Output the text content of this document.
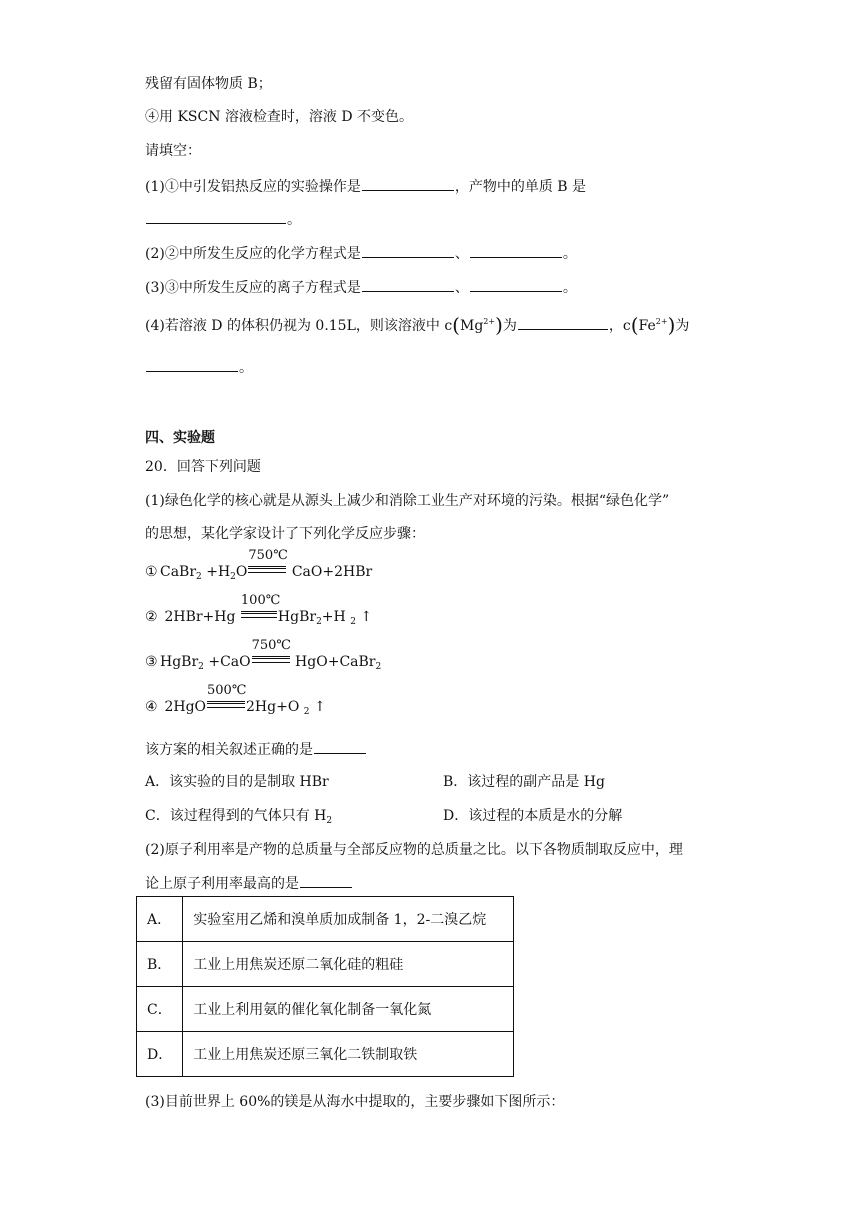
残留有固体物质 B；
④用 KSCN 溶液检查时，溶液 D 不变色。
请填空：
(1)①中引发铝热反应的实验操作是	，产物中的单质 B 是
。
(2)②中所发生反应的化学方程式是	、	。
(3)③中所发生反应的离子方程式是	、	。
(4)若溶液 D 的体积仍视为 0.15L，则该溶液中 $c(Mg^{2+})$为	，$c(Fe^{2+})$为
。
四、实验题
20．回答下列问题
(1)绿色化学的核心就是从源头上减少和消除工业生产对环境的污染。根据“绿色化学”
的思想，某化学家设计了下列化学反应步骤：
① CaBr$_2$ $+H_2O$
750℃
CaO+2HBr
② 2HBr+Hg
100℃
HgBr$_2$+H $_2$ ↑
③ HgBr$_2$ +CaO
750℃
HgO+CaBr$_2$
④ 2HgO
500℃
2Hg+O $_2$ ↑
该方案的相关叙述正确的是
A．该实验的目的是制取 HBr	B．该过程的副产品是 Hg
C．该过程得到的气体只有 $H_2$	D．该过程的本质是水的分解
(2)原子利用率是产物的总质量与全部反应物的总质量之比。以下各物质制取反应中，理
论上原子利用率最高的是
A．	实验室用乙烯和溴单质加成制备 1，2-二溴乙烷
B．	工业上用焦炭还原二氧化硅的粗硅
C．	工业上利用氨的催化氧化制备一氧化氮
D．	工业上用焦炭还原三氧化二铁制取铁
(3)目前世界上 60%的镁是从海水中提取的，主要步骤如下图所示：
